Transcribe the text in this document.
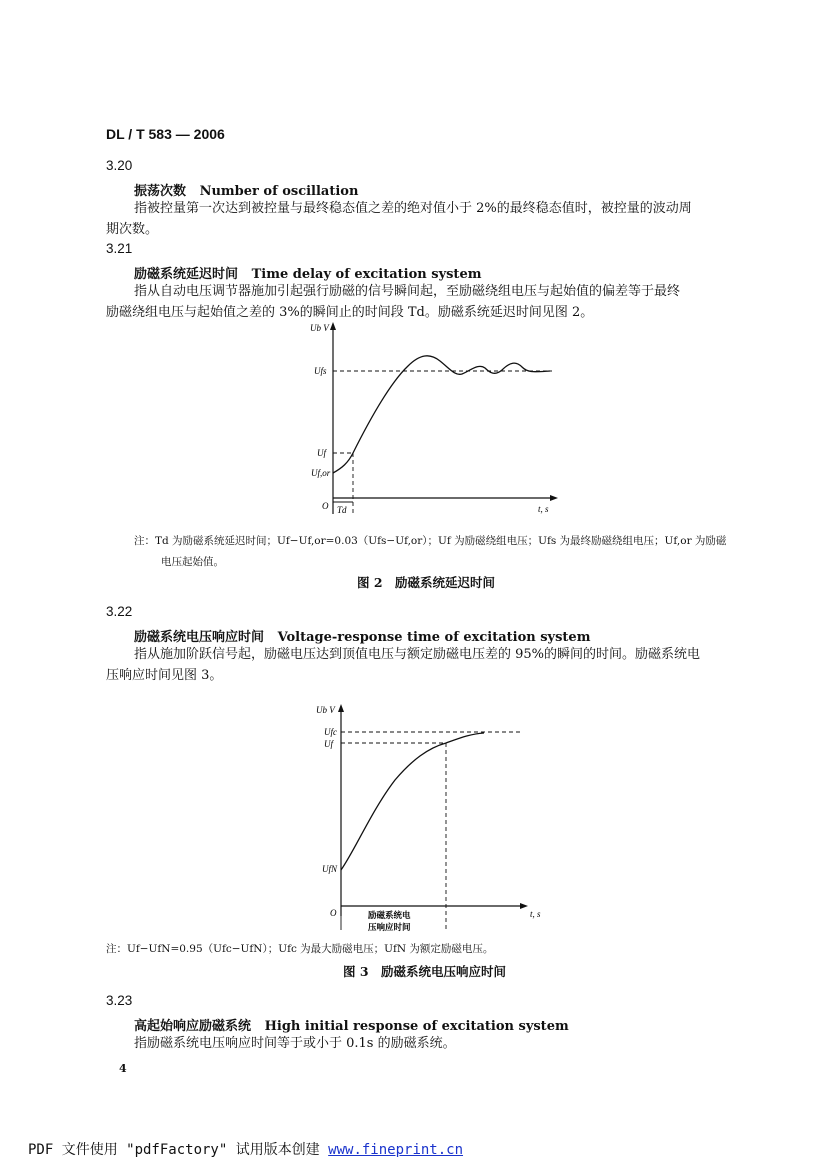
DL / T 583 — 2006
3.20
振荡次数 Number of oscillation
指被控量第一次达到被控量与最终稳态值之差的绝对值小于 2%的最终稳态值时，被控量的波动周
期次数。
3.21
励磁系统延迟时间 Time delay of excitation system
指从自动电压调节器施加引起强行励磁的信号瞬间起，至励磁绕组电压与起始值的偏差等于最终
励磁绕组电压与起始值之差的 3%的瞬间止的时间段 Td。励磁系统延迟时间见图 2。
Ub V
Ufs
Uf
Uf,or
O Td	t, s
注：Td 为励磁系统延迟时间；Uf−Uf,or=0.03（Ufs−Uf,or）；Uf 为励磁绕组电压；Ufs 为最终励磁绕组电压；Uf,or 为励磁
电压起始值。
图 2　励磁系统延迟时间
3.22
励磁系统电压响应时间 Voltage-response time of excitation system
指从施加阶跃信号起，励磁电压达到顶值电压与额定励磁电压差的 95%的瞬间的时间。励磁系统电
压响应时间见图 3。
Ub V
Ufc
Uf
UfN
O	励磁系统电
压响应时间
t, s
注：Uf−UfN=0.95（Ufc−UfN）；Ufc 为最大励磁电压；UfN 为额定励磁电压。
图 3　励磁系统电压响应时间
3.23
高起始响应励磁系统 High initial response of excitation system
指励磁系统电压响应时间等于或小于 0.1s 的励磁系统。
4
PDF 文件使用 "pdfFactory" 试用版本创建 www.fineprint.cn
